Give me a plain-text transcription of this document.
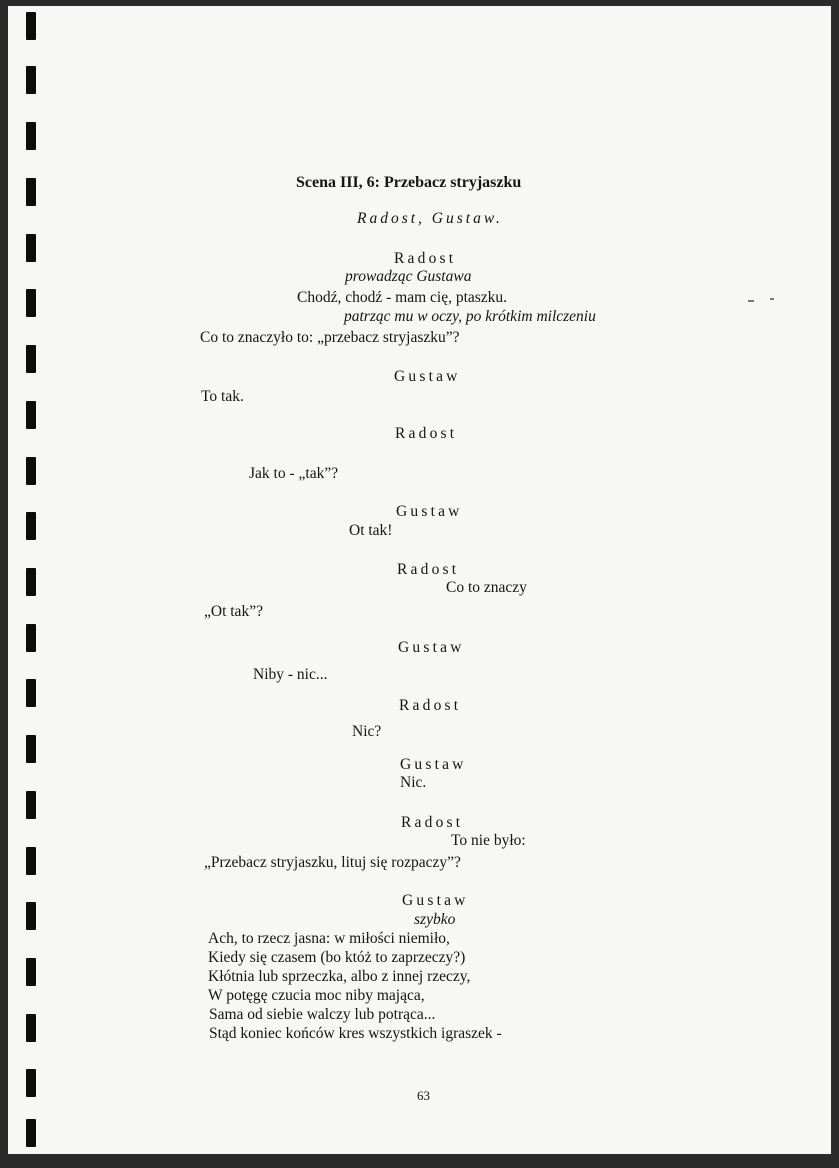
Scena III, 6: Przebacz stryjaszku
Radost, Gustaw.
Radost
prowadząc Gustawa
Chodź, chodź - mam cię, ptaszku.
patrząc mu w oczy, po krótkim milczeniu
Co to znaczyło to: „przebacz stryjaszku”?
Gustaw
To tak.
Radost
Jak to - „tak”?
Gustaw
Ot tak!
Radost
Co to znaczy
„Ot tak”?
Gustaw
Niby - nic...
Radost
Nic?
Gustaw
Nic.
Radost
To nie było:
„Przebacz stryjaszku, lituj się rozpaczy”?
Gustaw
szybko
Ach, to rzecz jasna: w miłości niemiło,
Kiedy się czasem (bo któż to zaprzeczy?)
Kłótnia lub sprzeczka, albo z innej rzeczy,
W potęgę czucia moc niby mająca,
Sama od siebie walczy lub potrąca...
Stąd koniec końców kres wszystkich igraszek -
63
